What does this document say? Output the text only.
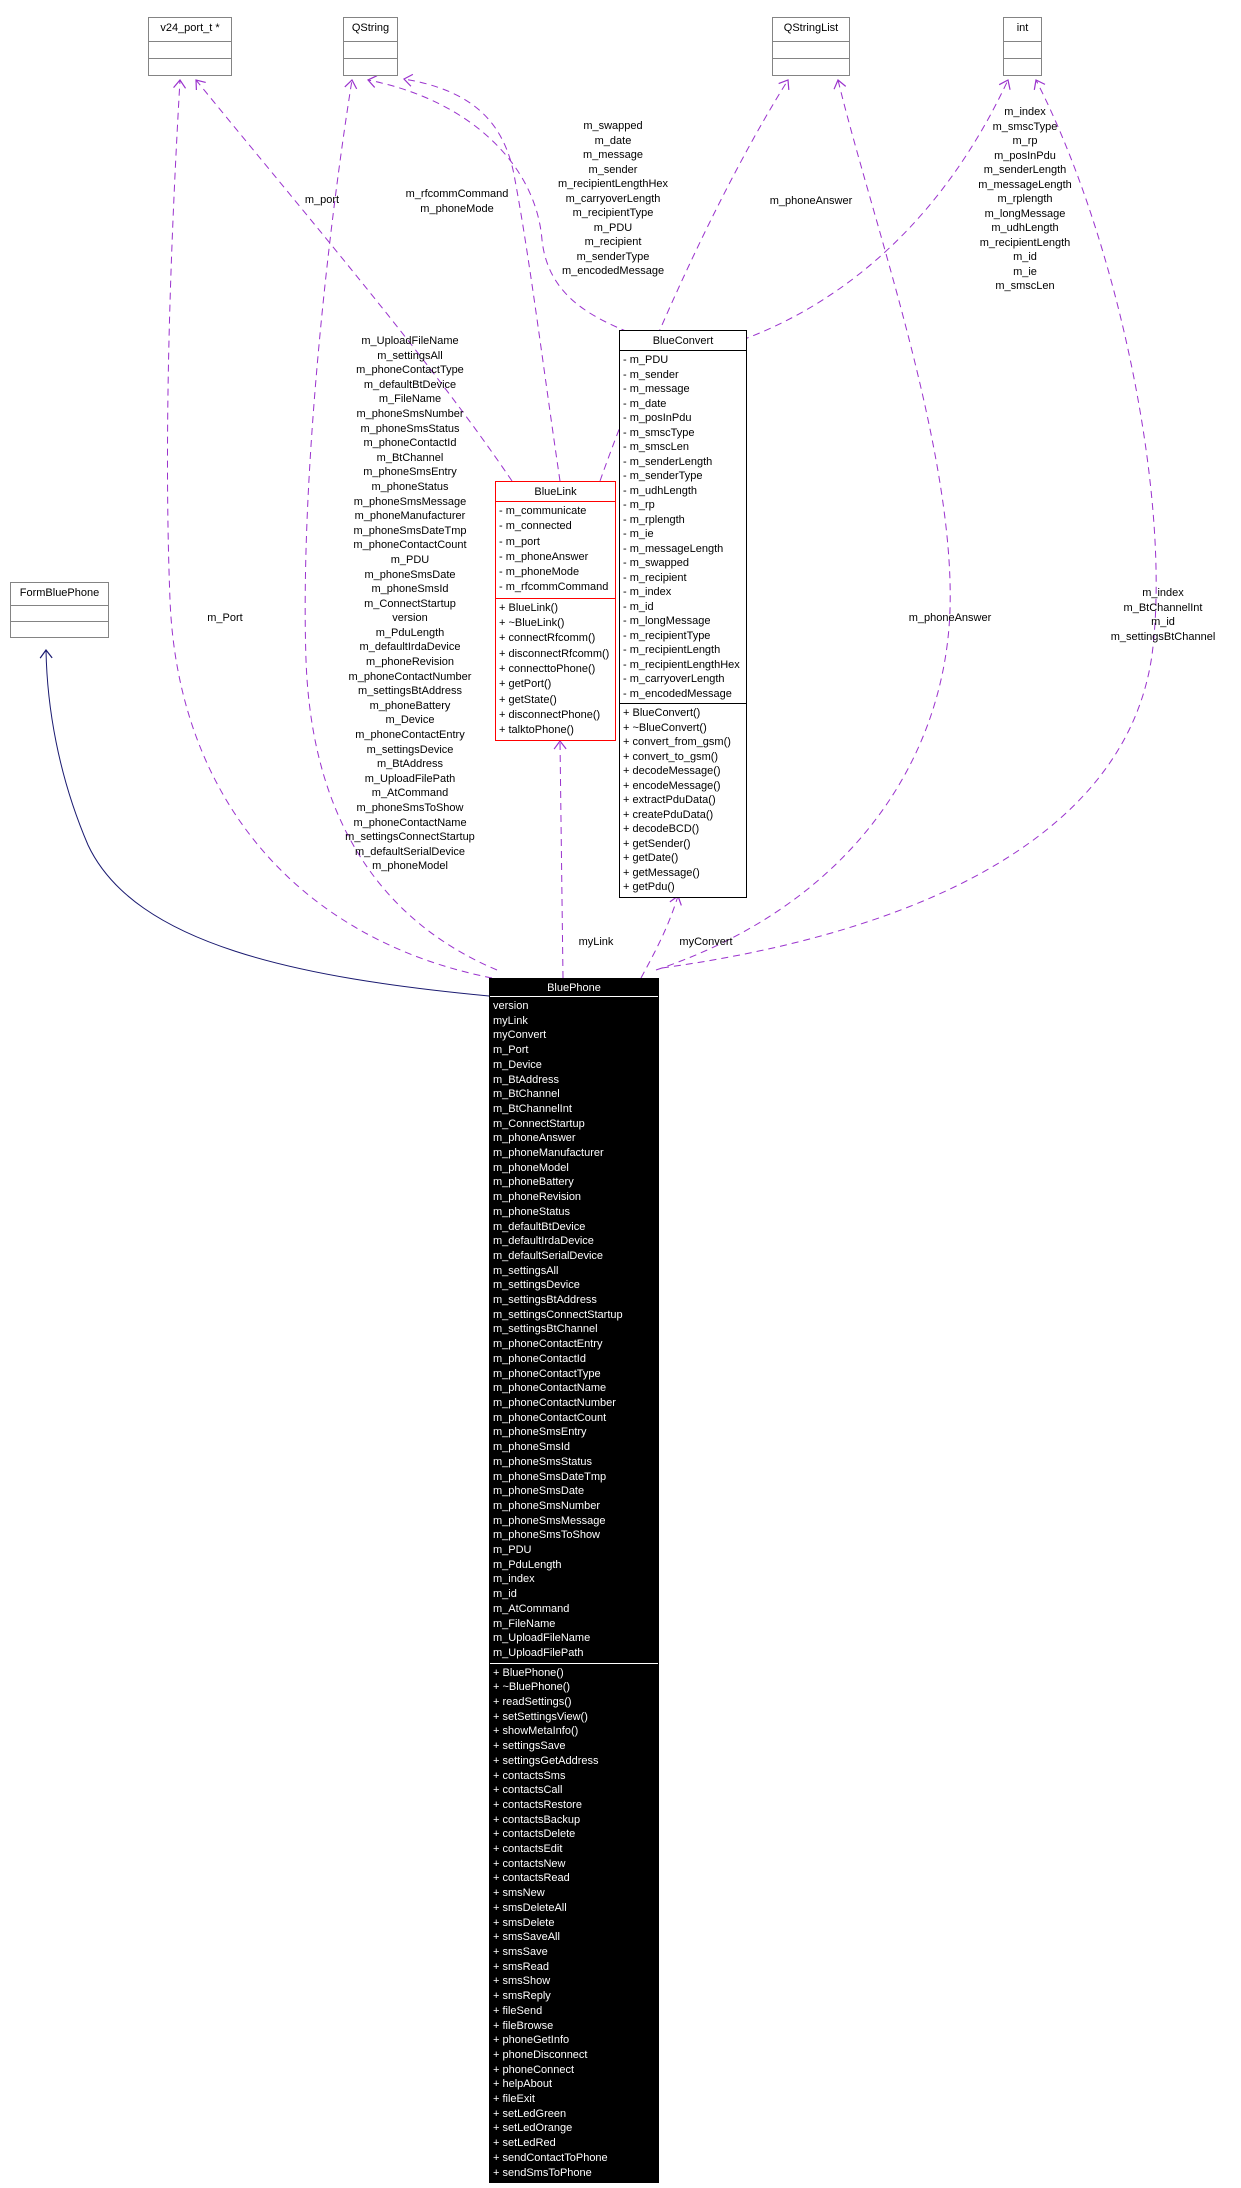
v24_port_t *	QString	QStringList	int
FormBluePhone
BlueLink
- m_communicate
- m_connected
- m_port
- m_phoneAnswer
- m_phoneMode
- m_rfcommCommand
+ BlueLink()
+ ~BlueLink()
+ connectRfcomm()
+ disconnectRfcomm()
+ connecttoPhone()
+ getPort()
+ getState()
+ disconnectPhone()
+ talktoPhone()
BlueConvert
- m_PDU
- m_sender
- m_message
- m_date
- m_posInPdu
- m_smscType
- m_smscLen
- m_senderLength
- m_senderType
- m_udhLength
- m_rp
- m_rplength
- m_ie
- m_messageLength
- m_swapped
- m_recipient
- m_index
- m_id
- m_longMessage
- m_recipientType
- m_recipientLength
- m_recipientLengthHex
- m_carryoverLength
- m_encodedMessage
+ BlueConvert()
+ ~BlueConvert()
+ convert_from_gsm()
+ convert_to_gsm()
+ decodeMessage()
+ encodeMessage()
+ extractPduData()
+ createPduData()
+ decodeBCD()
+ getSender()
+ getDate()
+ getMessage()
+ getPdu()
BluePhone
version
myLink
myConvert
m_Port
m_Device
m_BtAddress
m_BtChannel
m_BtChannelInt
m_ConnectStartup
m_phoneAnswer
m_phoneManufacturer
m_phoneModel
m_phoneBattery
m_phoneRevision
m_phoneStatus
m_defaultBtDevice
m_defaultIrdaDevice
m_defaultSerialDevice
m_settingsAll
m_settingsDevice
m_settingsBtAddress
m_settingsConnectStartup
m_settingsBtChannel
m_phoneContactEntry
m_phoneContactId
m_phoneContactType
m_phoneContactName
m_phoneContactNumber
m_phoneContactCount
m_phoneSmsEntry
m_phoneSmsId
m_phoneSmsStatus
m_phoneSmsDateTmp
m_phoneSmsDate
m_phoneSmsNumber
m_phoneSmsMessage
m_phoneSmsToShow
m_PDU
m_PduLength
m_index
m_id
m_AtCommand
m_FileName
m_UploadFileName
m_UploadFilePath
+ BluePhone()
+ ~BluePhone()
+ readSettings()
+ setSettingsView()
+ showMetaInfo()
+ settingsSave
+ settingsGetAddress
+ contactsSms
+ contactsCall
+ contactsRestore
+ contactsBackup
+ contactsDelete
+ contactsEdit
+ contactsNew
+ contactsRead
+ smsNew
+ smsDeleteAll
+ smsDelete
+ smsSaveAll
+ smsSave
+ smsRead
+ smsShow
+ smsReply
+ fileSend
+ fileBrowse
+ phoneGetInfo
+ phoneDisconnect
+ phoneConnect
+ helpAbout
+ fileExit
+ setLedGreen
+ setLedOrange
+ setLedRed
+ sendContactToPhone
+ sendSmsToPhone
m_port	m_rfcommCommand
m_phoneMode
m_swapped
m_date
m_message
m_sender
m_recipientLengthHex
m_carryoverLength
m_recipientType
m_PDU
m_recipient
m_senderType
m_encodedMessage
m_phoneAnswer
m_index
m_smscType
m_rp
m_posInPdu
m_senderLength
m_messageLength
m_rplength
m_longMessage
m_udhLength
m_recipientLength
m_id
m_ie
m_smscLen
m_UploadFileName
m_settingsAll
m_phoneContactType
m_defaultBtDevice
m_FileName
m_phoneSmsNumber
m_phoneSmsStatus
m_phoneContactId
m_BtChannel
m_phoneSmsEntry
m_phoneStatus
m_phoneSmsMessage
m_phoneManufacturer
m_phoneSmsDateTmp
m_phoneContactCount
m_PDU
m_phoneSmsDate
m_phoneSmsId
m_ConnectStartup
version
m_PduLength
m_defaultIrdaDevice
m_phoneRevision
m_phoneContactNumber
m_settingsBtAddress
m_phoneBattery
m_Device
m_phoneContactEntry
m_settingsDevice
m_BtAddress
m_UploadFilePath
m_AtCommand
m_phoneSmsToShow
m_phoneContactName
m_settingsConnectStartup
m_defaultSerialDevice
m_phoneModel
m_Port	m_phoneAnswer
m_index
m_BtChannelInt
m_id
m_settingsBtChannel
myLink	myConvert
